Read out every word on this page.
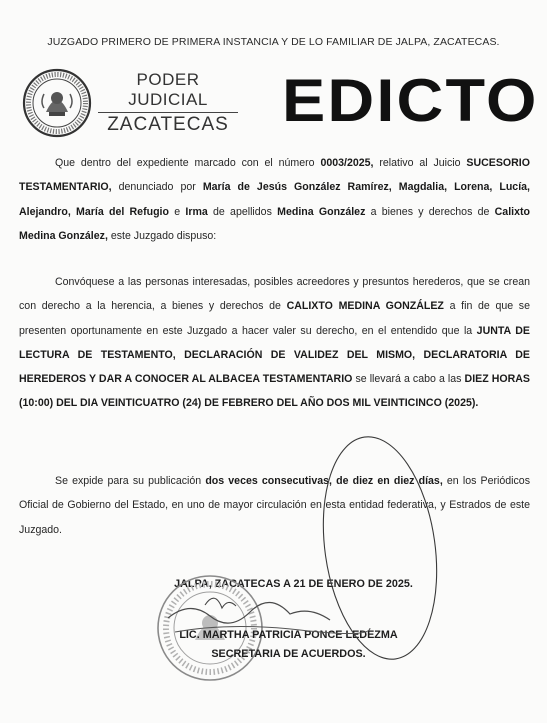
JUZGADO PRIMERO DE PRIMERA INSTANCIA Y DE LO FAMILIAR DE JALPA, ZACATECAS.
PODER JUDICIAL
ZACATECAS EDICTO
Que dentro del expediente marcado con el número 0003/2025, relativo al Juicio SUCESORIO TESTAMENTARIO, denunciado por María de Jesús González Ramírez, Magdalia, Lorena, Lucía, Alejandro, María del Refugio e Irma de apellidos Medina González a bienes y derechos de Calixto Medina González, este Juzgado dispuso:
Convóquese a las personas interesadas, posibles acreedores y presuntos herederos, que se crean con derecho a la herencia, a bienes y derechos de CALIXTO MEDINA GONZÁLEZ a fin de que se presenten oportunamente en este Juzgado a hacer valer su derecho, en el entendido que la JUNTA DE LECTURA DE TESTAMENTO, DECLARACIÓN DE VALIDEZ DEL MISMO, DECLARATORIA DE HEREDEROS Y DAR A CONOCER AL ALBACEA TESTAMENTARIO se llevará a cabo a las DIEZ HORAS (10:00) DEL DIA VEINTICUATRO (24) DE FEBRERO DEL AÑO DOS MIL VEINTICINCO (2025).
Se expide para su publicación dos veces consecutivas, de diez en diez días, en los Periódicos Oficial de Gobierno del Estado, en uno de mayor circulación en esta entidad federativa, y Estrados de este Juzgado.
JALPA, ZACATECAS A 21 DE ENERO DE 2025.
LIC. MARTHA PATRICIA PONCE LEDEZMA
SECRETARIA DE ACUERDOS.
